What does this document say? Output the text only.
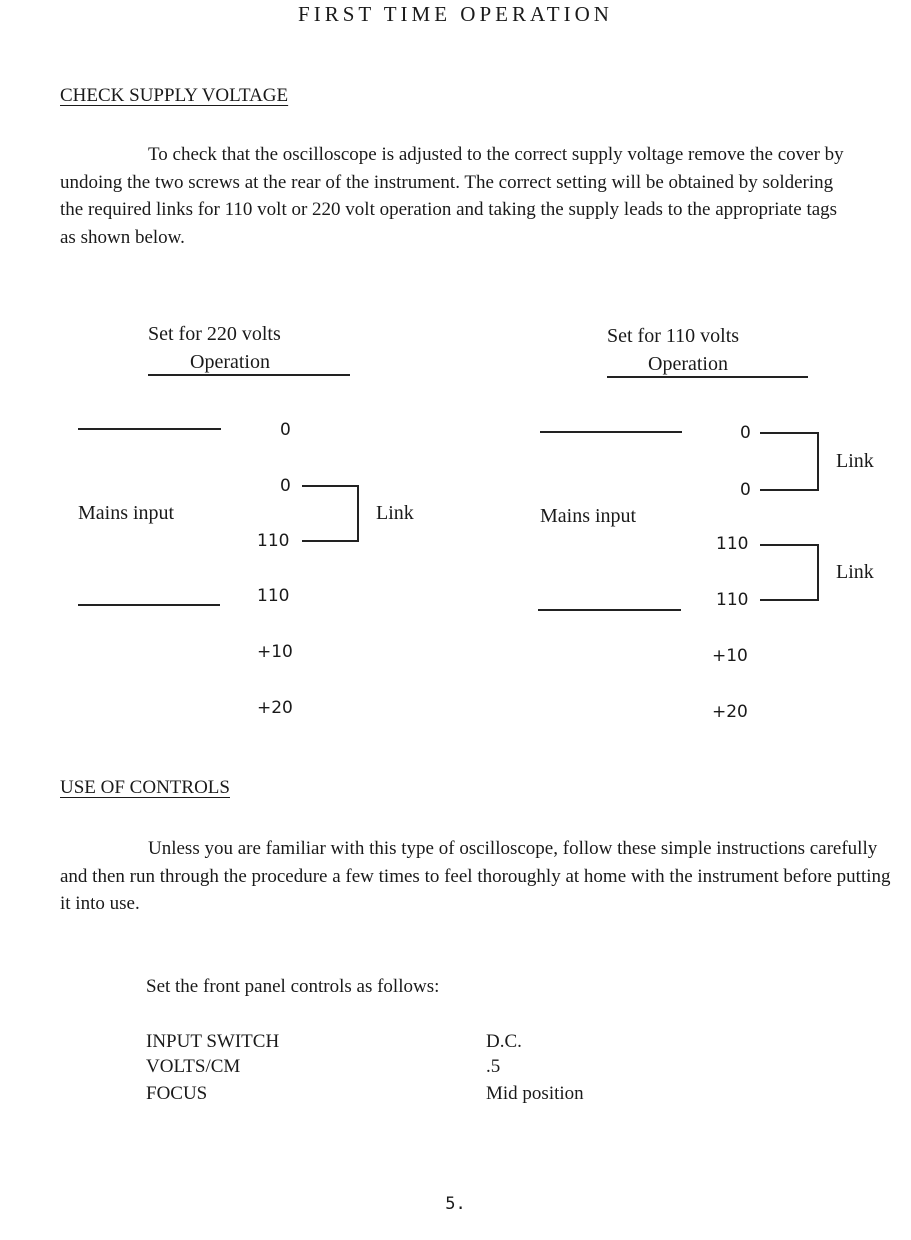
FIRST TIME OPERATION
CHECK SUPPLY VOLTAGE
To check that the oscilloscope is adjusted to the correct supply voltage remove the cover by undoing the two screws at the rear of the instrument. The correct setting will be obtained by soldering the required links for 110 volt or 220 volt operation and taking the supply leads to the appropriate tags as shown below.
Set for 220 volts
Operation
0
0
Link
Mains input
110
110
+10
+20
Set for 110 volts
Operation
0
Link
0
Mains input
110
Link
110
+10
+20
USE OF CONTROLS
Unless you are familiar with this type of oscilloscope, follow these simple instructions carefully and then run through the procedure a few times to feel thoroughly at home with the instrument before putting it into use.
Set the front panel controls as follows:
INPUT SWITCH	D.C.
VOLTS/CM	.5
FOCUS	Mid position
5.
